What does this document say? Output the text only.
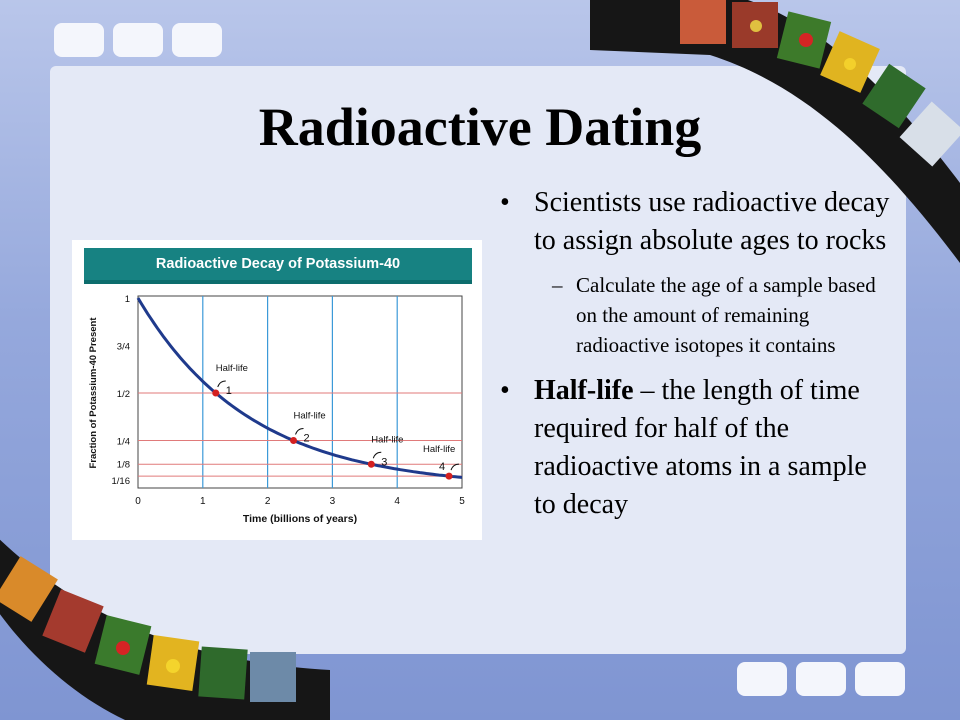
Radioactive Dating
Radioactive Decay of Potassium-40
1
3/4
1/2
1/4
1/8
1/16
0	1	2	3	4	5
Time (billions of years)
Fraction of Potassium-40 Present	Half-life
1
Half-life
2	Half-life
3
Half-life
4
• Scientists use radioactive decay to assign absolute ages to rocks
– Calculate the age of a sample based on the amount of remaining radioactive isotopes it contains
• Half-life – the length of time required for half of the radioactive atoms in a sample to decay
